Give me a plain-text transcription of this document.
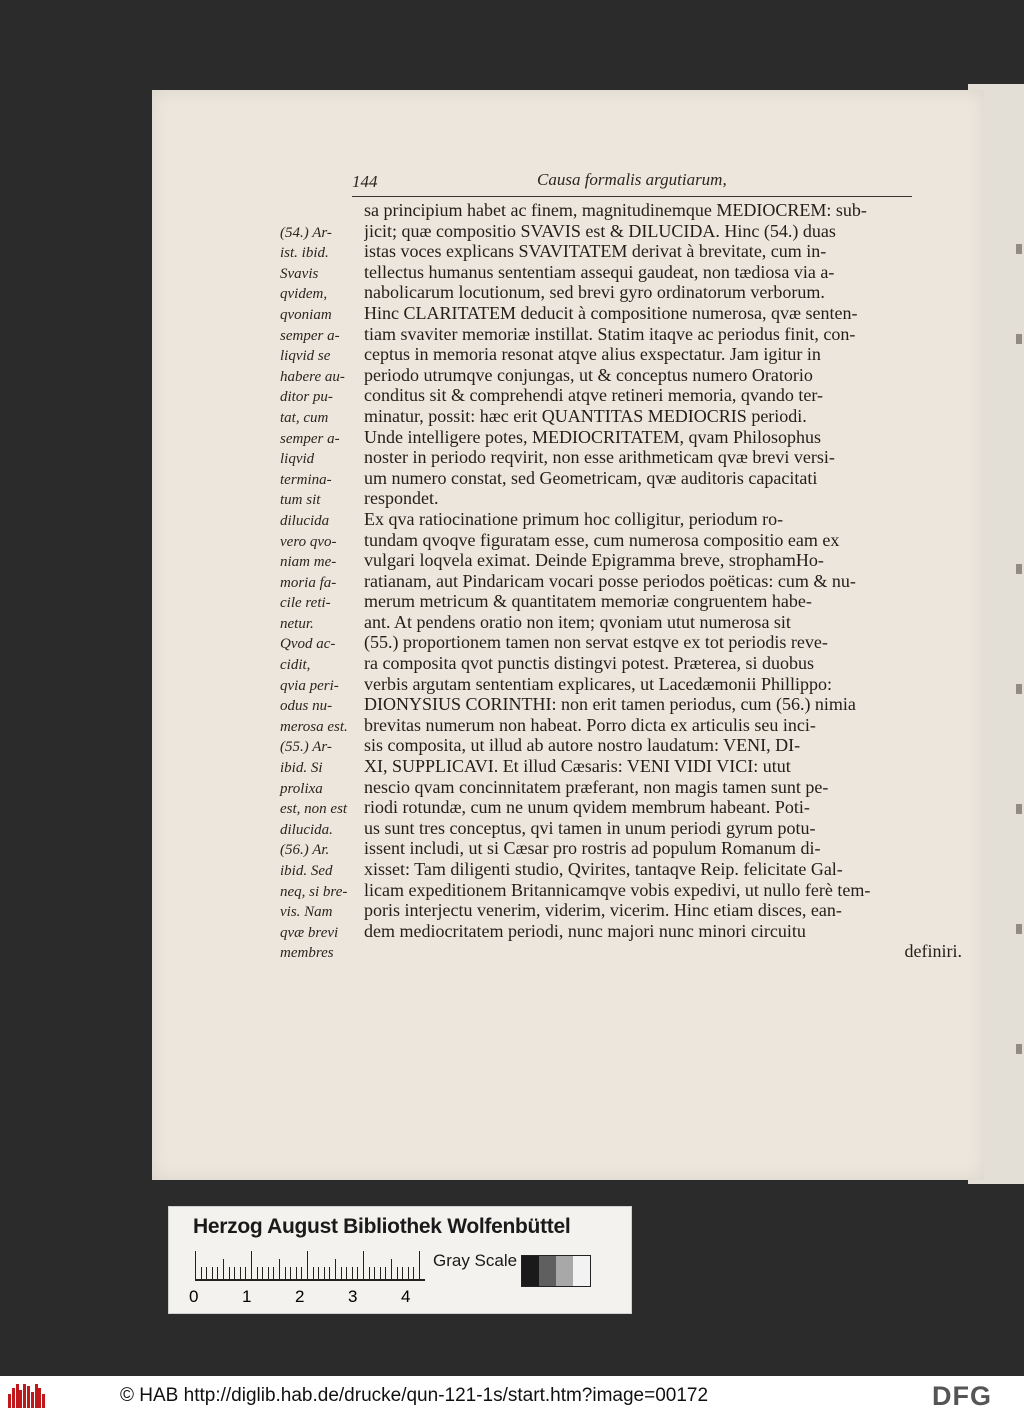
144	Causa formalis argutiarum,
(54.) Ar-
ist. ibid.
Svavis
qvidem,
qvoniam
semper a-
liqvid se
habere au-
ditor pu-
tat, cum
semper a-
liqvid
termina-
tum sit
dilucida
vero qvo-
niam me-
moria fa-
cile reti-
netur.
Qvod ac-
cidit,
qvia peri-
odus nu-
merosa est.
(55.) Ar-
ibid. Si
prolixa
est, non est
dilucida.
(56.) Ar.
ibid. Sed
neq, si bre-
vis. Nam
qvæ brevi
membres
sa principium habet ac finem, magnitudinemque MEDIOCREM: sub-
jicit; quæ compositio SVAVIS est & DILUCIDA. Hinc (54.) duas
istas voces explicans SVAVITATEM derivat à brevitate, cum in-
tellectus humanus sententiam assequi gaudeat, non tædiosa via a-
nabolicarum locutionum, sed brevi gyro ordinatorum verborum.
Hinc CLARITATEM deducit à compositione numerosa, qvæ senten-
tiam svaviter memoriæ instillat. Statim itaqve ac periodus finit, con-
ceptus in memoria resonat atqve alius exspectatur. Jam igitur in
periodo utrumqve conjungas, ut & conceptus numero Oratorio
conditus sit & comprehendi atqve retineri memoria, qvando ter-
minatur, possit: hæc erit QUANTITAS MEDIOCRIS periodi.
Unde intelligere potes, MEDIOCRITATEM, qvam Philosophus
noster in periodo reqvirit, non esse arithmeticam qvæ brevi versi-
um numero constat, sed Geometricam, qvæ auditoris capacitati
respondet.
Ex qva ratiocinatione primum hoc colligitur, periodum ro-
tundam qvoqve figuratam esse, cum numerosa compositio eam ex
vulgari loqvela eximat. Deinde Epigramma breve, strophamHo-
ratianam, aut Pindaricam vocari posse periodos poëticas: cum & nu-
merum metricum & quantitatem memoriæ congruentem habe-
ant. At pendens oratio non item; qvoniam utut numerosa sit
(55.) proportionem tamen non servat estqve ex tot periodis reve-
ra composita qvot punctis distingvi potest. Præterea, si duobus
verbis argutam sententiam explicares, ut Lacedæmonii Phillippo:
DIONYSIUS CORINTHI: non erit tamen periodus, cum (56.) nimia
brevitas numerum non habeat. Porro dicta ex articulis seu inci-
sis composita, ut illud ab autore nostro laudatum: VENI, DI-
XI, SUPPLICAVI. Et illud Cæsaris: VENI VIDI VICI: utut
nescio qvam concinnitatem præferant, non magis tamen sunt pe-
riodi rotundæ, cum ne unum qvidem membrum habeant. Poti-
us sunt tres conceptus, qvi tamen in unum periodi gyrum potu-
issent includi, ut si Cæsar pro rostris ad populum Romanum di-
xisset: Tam diligenti studio, Qvirites, tantaqve Reip. felicitate Gal-
licam expeditionem Britannicamqve vobis expedivi, ut nullo ferè tem-
poris interjectu venerim, viderim, vicerim. Hinc etiam disces, ean-
dem mediocritatem periodi, nunc majori nunc minori circuitu
definiri.
Herzog August Bibliothek Wolfenbüttel
0	1	2	3	4
Gray Scale
© HAB http://diglib.hab.de/drucke/qun-121-1s/start.htm?image=00172	DFG
